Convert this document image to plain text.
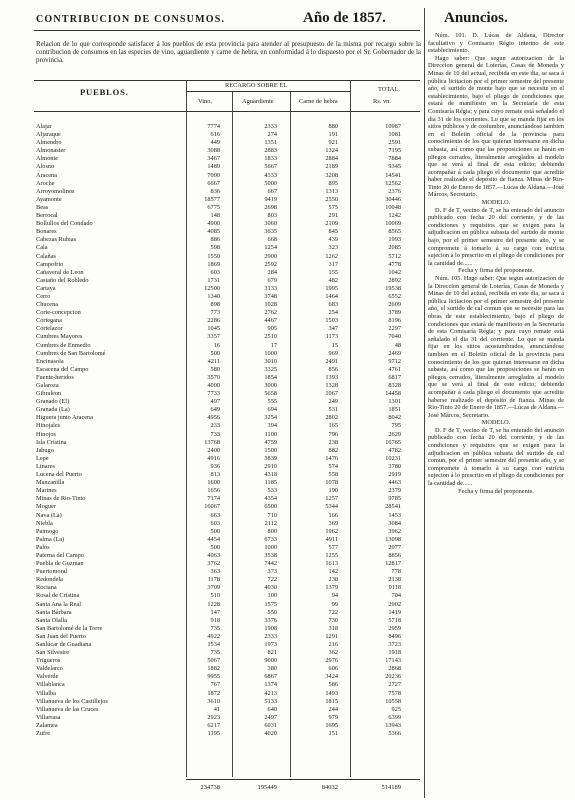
CONTRIBUCION DE CONSUMOS.	Año de 1857.	Anuncios.
Relacion de lo que corresponde satisfacer á los pueblos de esta provincia para atender al presupuesto de la misma por recargo sobre la contribucion de consumos en las especies de vino, aguardiente y carne de hebra, en conformidad á lo dispuesto por el Sr. Gobernador de la provincia.
PUEBLOS.
RECARGO SOBRE EL
TOTAL.
Vino.	Aguardiente	Carne de hebra	Rs. vn.
Alajar	7774	2333	880	10987
Aljaraque	616	274	191	1081
Almendro	449	1351	921	2591
Almonaster	3088	2883	1324	7195
Almonte	3467	1833	2884	7884
Alosno	1489	5667	2189	9345
Aracena	7000	4333	3208	14541
Aroche	6667	5000	895	12562
Arroyomolinos	836	667	1313	2376
Ayamonte	18577	9419	2550	30446
Beas	6775	2698	575	10048
Berrocal	148	803	291	1242
Bollullos del Condado	4900	3060	2109	10069
Bonares	4085	3635	845	8565
Cabezas Rubias	886	668	439	1993
Cala	598	1254	323	2085
Calañas	1550	2900	1262	5712
Campofrio	1869	2592	317	4778
Cañaveral de Leon	603	284	155	1042
Castaño del Robledo	1731	679	482	2892
Cartaya	12500	3133	1995	19538
Cerro	1340	3748	1464	6552
Chucena	898	1028	683	2609
Corte-concepcion	773	2762	254	3789
Cortegana	2286	4467	1503	8196
Cortelazor	1045	905	347	2297
Cumbres Mayores	3357	2510	1173	7040
Cumbres de Enmedio	16	17	15	48
Cumbres de San Bartolomé	500	1000	969	2469
Encinasola	4211	3010	2491	9712
Escacena del Campo	580	3325	856	4761
Fuente-heridos	3570	1854	1393	6817
Galaroza	4000	3000	1328	8328
Gibraleon	7733	5658	1067	14458
Granado (El)	497	555	249	1301
Granada (La)	649	694	531	1851
Higuera junto Aracena	4956	3254	2802	8042
Hinojales	233	394	165	795
Hinojos	733	1100	796	2629
Isla Cristina	13768	4759	238	16765
Jabugo	2400	1500	882	4782
Lepe	4916	3839	1476	10231
Linares	936	2910	574	3780
Lucena del Puerto	813	4318	558	2919
Manzanilla	1600	1185	1078	4463
Marines	1656	533	190	2379
Minas de Rio-Tinto	7174	4354	1257	9785
Moguer	16067	6500	5344	28541
Nava (La)	663	710	166	1453
Niebla	603	2112	369	3084
Paimogo	500	800	1962	3962
Palma (La)	4454	6733	4911	13098
Palos	500	1000	577	2077
Paterna del Campo	4063	3538	1255	8856
Puebla de Guzman	3762	7442	1613	12817
Puertomoral	363	373	142	778
Redondela	1178	722	238	2138
Rociana	3709	4030	1379	9118
Rosal de Cristina	510	100	94	704
Santa Ana la Real	1228	1575	99	2902
Santa Bárbara	147	550	722	1419
Santa Olalla	918	3376	730	5718
San Bartolomé de la Torre	735	1908	318	2959
San Juan del Puerto	4922	2333	1291	8496
Sanlúcar de Guadiana	1534	1973	216	3723
San Silvestre	735	821	362	1918
Trigueros	5067	9000	2976	17143
Valdelarco	1882	380	606	2868
Valverde	9955	6867	3424	20236
Villablanca	767	1374	586	2727
Villalba	1872	4213	1493	7578
Villanueva de los Castillejos	3610	5133	1815	10558
Villanueva de las Cruces	41	640	244	925
Villarrasa	2923	2497	979	6399
Zalamea	6217	6031	1695	13943
Zufre	1195	4020	151	5366
234738	195449	84032	514189

Núm. 101. D. Lúcas de Aldana, Director facultativo y Comisario Régio interino de este establecimiento.

Hago saber: Que segun autorizacion de la Direccion general de Loterías, Casas de Moneda y Minas de 10 del actual, recibida en este dia, se saca á pública licitacion por el primer semestre del presente año, el surtido de monte bajo que se necesite en el establecimiento, bajo el pliego de condiciones que estará de manifiesto en la Secretaría de esta Comisaría Régia; y para cuyo remate está señalado el dia 31 de los corrientes. Lo que se manda fijar en los sitios públicos y de costumbre, anunciándose tambien en el Boletin oficial de la provincia para conocimiento de los que quieran interesarse en dicha subasta, así como que las proposiciones se harán en pliegos cerrados, literalmente arreglados al modelo que se verá al final de esta edicto; debiendo acompañar á cada pliego el documento que acredite haber realizado el depósito de fianza. Minas de Rio-Tinto 20 de Enero de 1857.—Lúcas de Aldana.—José Márcos, Secretario.

MODELO.

D. F de T, vecino de T, se ha enterado del anuncio publicado con fecha 20 del corriente, y de las condiciones y requisitos que se exigen para la adjudicacion en pública subasta del surtido de monte bajo, por el primer semestre del presente año, y se compromete á tomarlo á su cargo con estricta sujecion á lo prescrito en el pliego de condiciones por la cantidad de......

Fecha y firma del proponente.

Núm. 105. Hago saber: Que segun autorizacion de la Direccion general de Loterías, Casas de Moneda y Minas de 10 del actual, recibida en este dia, se saca á pública licitacion por el primer semestre del presente año, el surtido de cal comun que se necesite para las obras de este establecimiento, bajo el pliego de condiciones que estará de manifiesto en la Secretaría de esta Comisaría Régia; y para cuyo remate está señalado el dia 31 del corriente. Lo que se manda fijar en los sitios acostumbrados, anunciándose tambien en el Boletin oficial de la provincia para conocimiento de los que quieran interesarse en dicha subasta, así como que las proposiciones se harán en pliegos cerrados, literalmente arreglados al modelo que se verá al final de este edicto; debiendo acompañar á cada pliego el documento que acredite haberse realizado el depósito de fianza. Minas de Rio-Tinto 20 de Enero de 1857.—Lúcas de Aldana.—José Márcos, Secretario.

MODELO.

D. F de T, vecino de T, se ha enterado del anuncio publicado con fecha 20 del corriente, y de las condiciones y requisitos que se exigen para la adjudicacion en pública subasta del surtido de cal comun, por el primer semestre del presente año, y se compromete á tomarlo á su cargo con estricta sujecion á lo prescrito en el pliego de condiciones por la cantidad de......

Fecha y firma del proponente.
